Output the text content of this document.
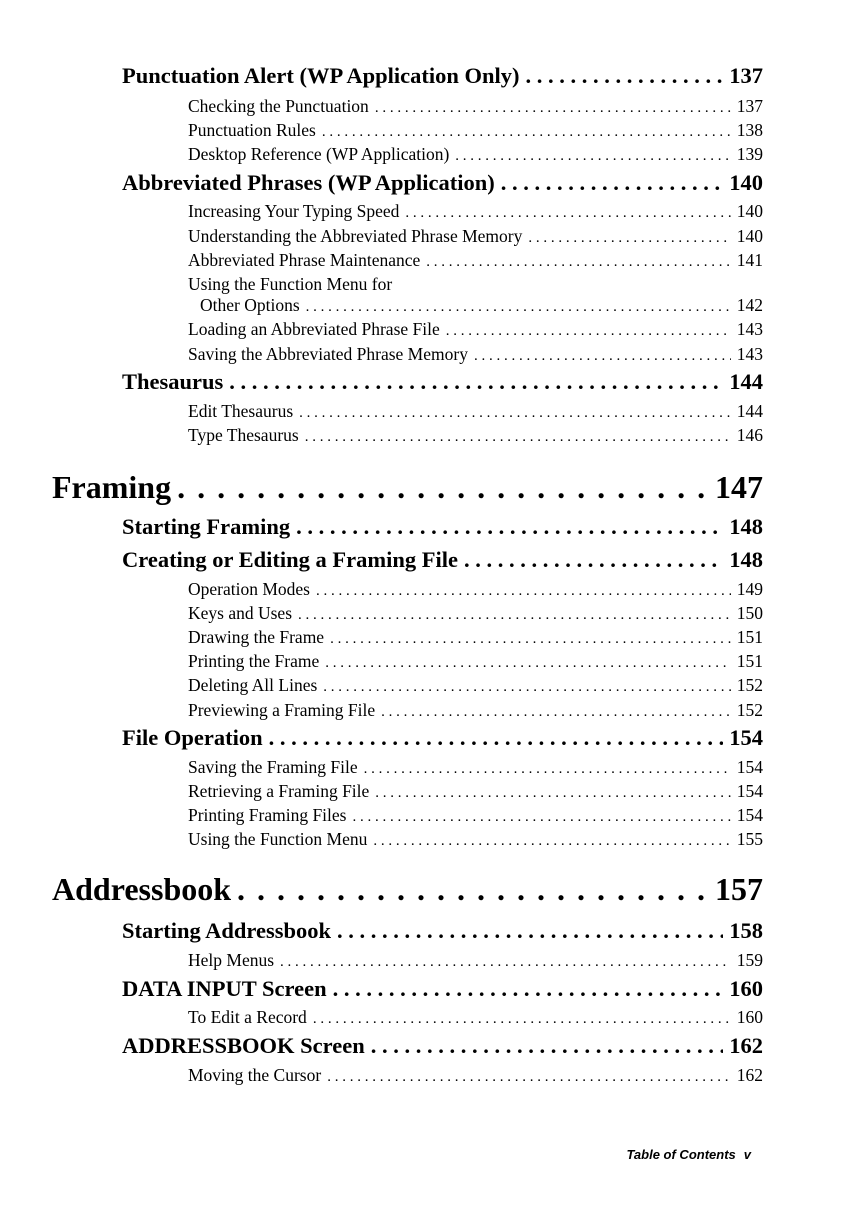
Punctuation Alert (WP Application Only) . . .	137
Checking the Punctuation . . .	137
Punctuation Rules . . .	138
Desktop Reference (WP Application) . . .	139
Abbreviated Phrases (WP Application) . . .	140
Increasing Your Typing Speed . . .	140
Understanding the Abbreviated Phrase Memory . . .	140
Abbreviated Phrase Maintenance . . .	141
Using the Function Menu for
Other Options . . .	142
Loading an Abbreviated Phrase File . . .	143
Saving the Abbreviated Phrase Memory . . .	143
Thesaurus . . .	144
Edit Thesaurus . . .	144
Type Thesaurus . . .	146
Framing . . .	147
Starting Framing . . .	148
Creating or Editing a Framing File . . .	148
Operation Modes . . .	149
Keys and Uses . . .	150
Drawing the Frame . . .	151
Printing the Frame . . .	151
Deleting All Lines . . .	152
Previewing a Framing File . . .	152
File Operation . . .	154
Saving the Framing File . . .	154
Retrieving a Framing File . . .	154
Printing Framing Files . . .	154
Using the Function Menu . . .	155
Addressbook . . .	157
Starting Addressbook . . .	158
Help Menus . . .	159
DATA INPUT Screen . . .	160
To Edit a Record . . .	160
ADDRESSBOOK Screen . . .	162
Moving the Cursor . . .	162
Table of Contents v
